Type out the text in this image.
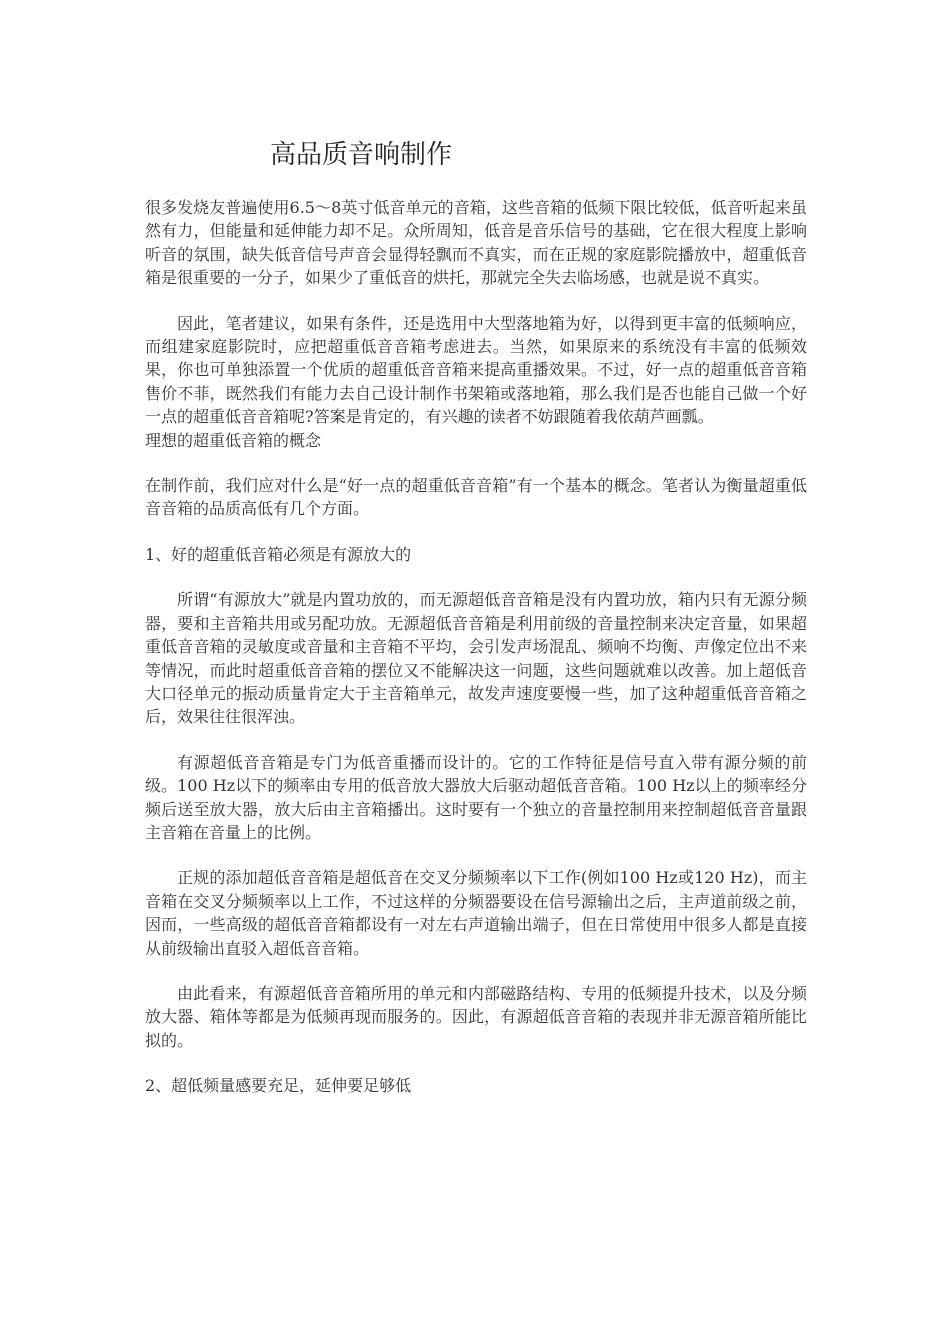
高品质音响制作

很多发烧友普遍使用6.5～8英寸低音单元的音箱，这些音箱的低频下限比较低，低音听起来虽然有力，但能量和延伸能力却不足。众所周知，低音是音乐信号的基础，它在很大程度上影响听音的氛围，缺失低音信号声音会显得轻飘而不真实，而在正规的家庭影院播放中，超重低音箱是很重要的一分子，如果少了重低音的烘托，那就完全失去临场感，也就是说不真实。

因此，笔者建议，如果有条件，还是选用中大型落地箱为好，以得到更丰富的低频响应，而组建家庭影院时，应把超重低音音箱考虑进去。当然，如果原来的系统没有丰富的低频效果，你也可单独添置一个优质的超重低音音箱来提高重播效果。不过，好一点的超重低音音箱售价不菲，既然我们有能力去自己设计制作书架箱或落地箱，那么我们是否也能自己做一个好一点的超重低音音箱呢?答案是肯定的，有兴趣的读者不妨跟随着我依葫芦画瓢。

理想的超重低音箱的概念

在制作前，我们应对什么是“好一点的超重低音音箱”有一个基本的概念。笔者认为衡量超重低音音箱的品质高低有几个方面。

1、好的超重低音箱必须是有源放大的

所谓“有源放大”就是内置功放的，而无源超低音音箱是没有内置功放，箱内只有无源分频器，要和主音箱共用或另配功放。无源超低音音箱是利用前级的音量控制来决定音量，如果超重低音音箱的灵敏度或音量和主音箱不平均，会引发声场混乱、频响不均衡、声像定位出不来等情况，而此时超重低音音箱的摆位又不能解决这一问题，这些问题就难以改善。加上超低音大口径单元的振动质量肯定大于主音箱单元，故发声速度要慢一些，加了这种超重低音音箱之后，效果往往很浑浊。

有源超低音音箱是专门为低音重播而设计的。它的工作特征是信号直入带有源分频的前级。100 Hz以下的频率由专用的低音放大器放大后驱动超低音音箱。100 Hz以上的频率经分频后送至放大器，放大后由主音箱播出。这时要有一个独立的音量控制用来控制超低音音量跟主音箱在音量上的比例。

正规的添加超低音音箱是超低音在交叉分频频率以下工作(例如100 Hz或120 Hz)，而主音箱在交叉分频频率以上工作，不过这样的分频器要设在信号源输出之后，主声道前级之前，因而，一些高级的超低音音箱都设有一对左右声道输出端子，但在日常使用中很多人都是直接从前级输出直驳入超低音音箱。

由此看来，有源超低音音箱所用的单元和内部磁路结构、专用的低频提升技术，以及分频放大器、箱体等都是为低频再现而服务的。因此，有源超低音音箱的表现并非无源音箱所能比拟的。

2、超低频量感要充足，延伸要足够低
